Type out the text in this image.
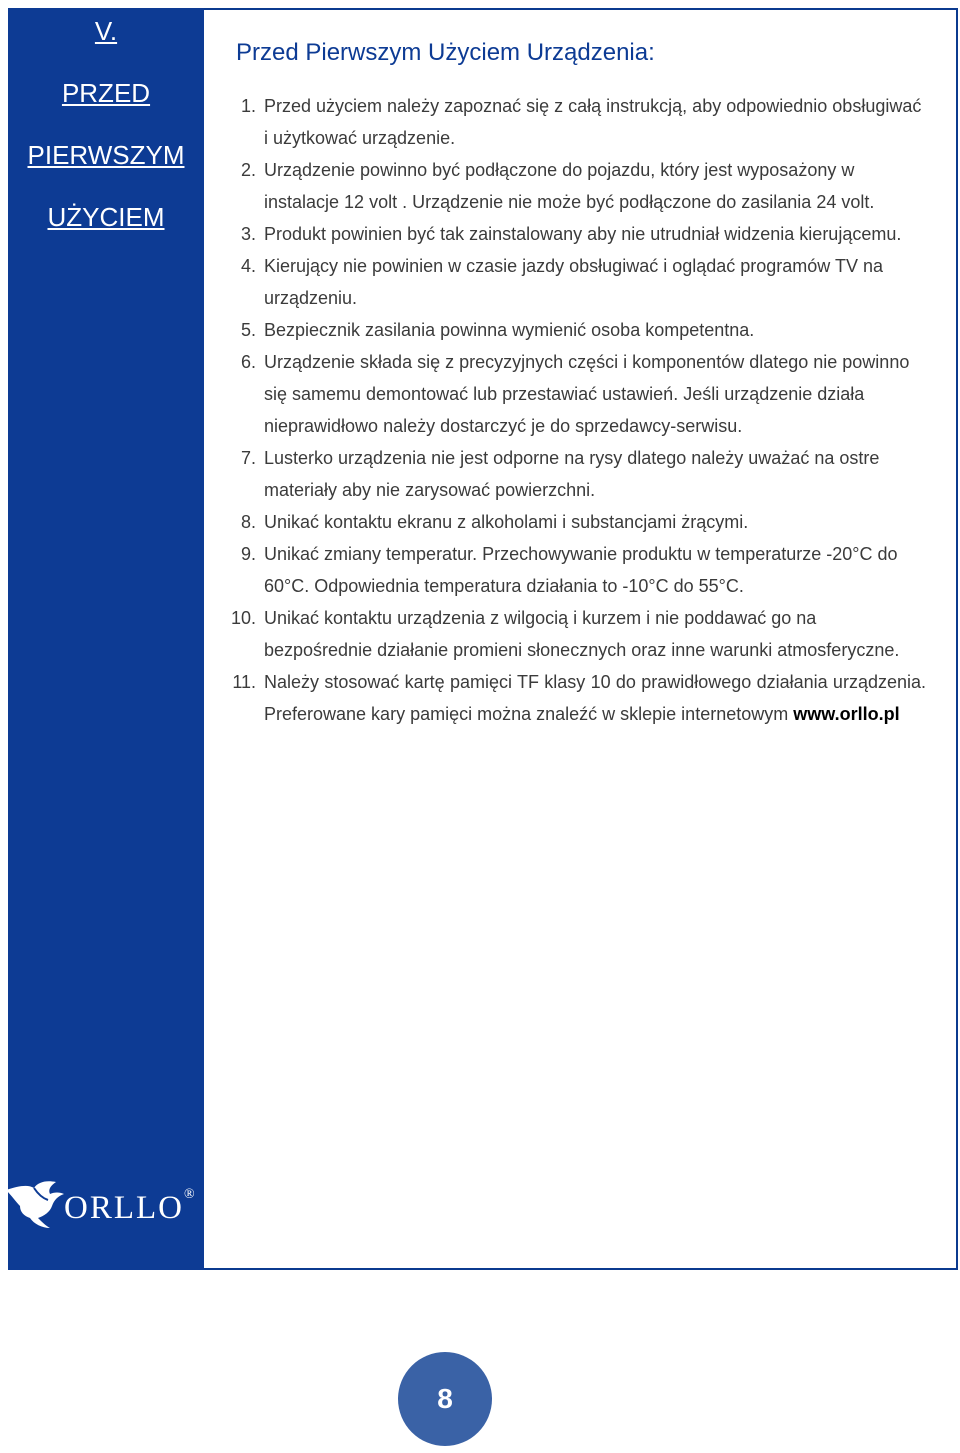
V.
PRZED
PIERWSZYM
UŻYCIEM
ORLLO ®
Przed Pierwszym Użyciem Urządzenia:
1. Przed użyciem należy zapoznać się z całą instrukcją, aby odpowiednio obsługiwać i użytkować urządzenie.
2. Urządzenie powinno być podłączone do pojazdu, który jest wyposażony w instalacje 12 volt . Urządzenie nie może być podłączone do zasilania 24 volt.
3. Produkt powinien być tak zainstalowany aby nie utrudniał widzenia kierującemu.
4. Kierujący nie powinien w czasie jazdy obsługiwać i oglądać programów TV na urządzeniu.
5. Bezpiecznik zasilania powinna wymienić osoba kompetentna.
6. Urządzenie składa się z precyzyjnych części i komponentów dlatego nie powinno się samemu demontować lub przestawiać ustawień. Jeśli urządzenie działa nieprawidłowo należy dostarczyć je do sprzedawcy-serwisu.
7. Lusterko urządzenia nie jest odporne na rysy dlatego należy uważać na ostre materiały aby nie zarysować powierzchni.
8. Unikać kontaktu ekranu z alkoholami i substancjami żrącymi.
9. Unikać zmiany temperatur. Przechowywanie produktu w temperaturze -20°C do 60°C. Odpowiednia temperatura działania to -10°C do 55°C.
10. Unikać kontaktu urządzenia z wilgocią i kurzem i nie poddawać go na bezpośrednie działanie promieni słonecznych oraz inne warunki atmosferyczne.
11. Należy stosować kartę pamięci TF klasy 10 do prawidłowego działania urządzenia. Preferowane kary pamięci można znaleźć w sklepie internetowym www.orllo.pl
8
